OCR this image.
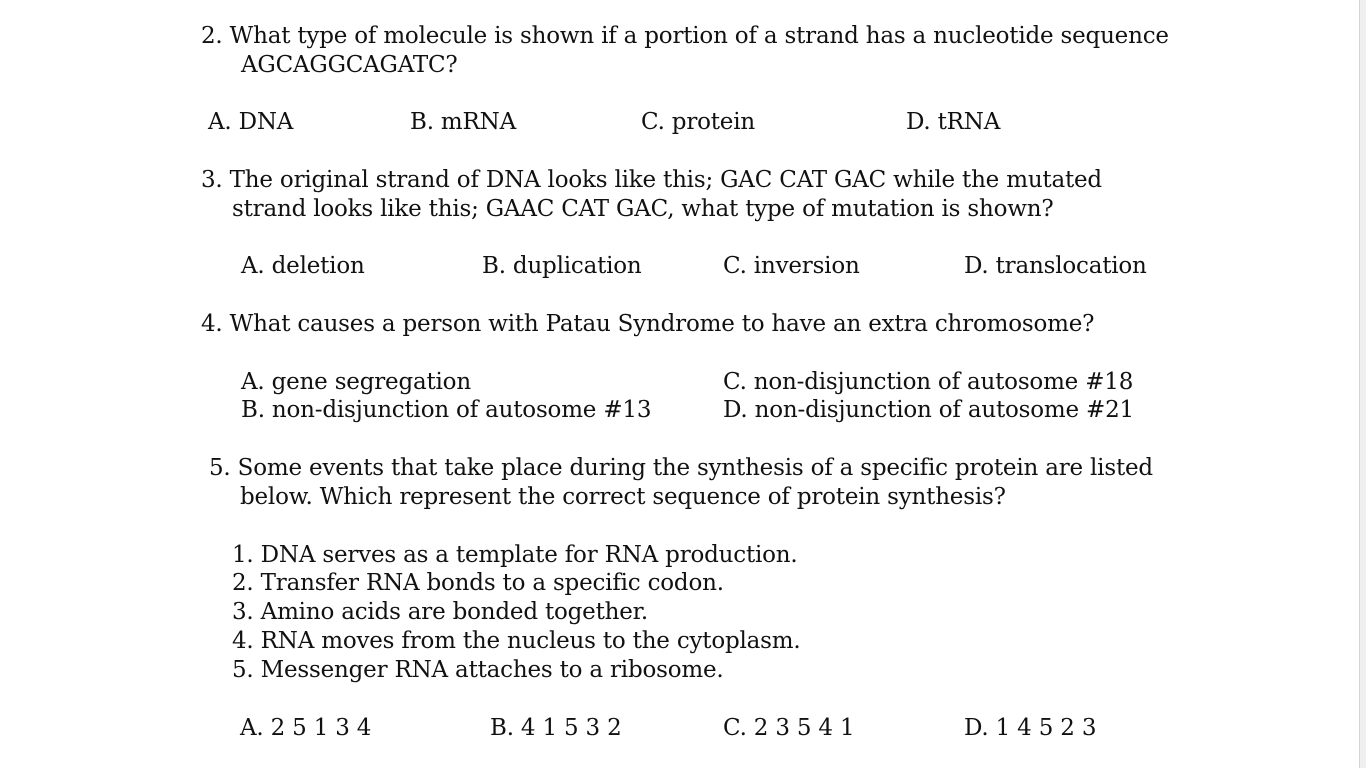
2. What type of molecule is shown if a portion of a strand has a nucleotide sequence
AGCAGGCAGATC?
A. DNA	B. mRNA	C. protein	D. tRNA
3. The original strand of DNA looks like this; GAC CAT GAC while the mutated
strand looks like this; GAAC CAT GAC, what type of mutation is shown?
A. deletion	B. duplication	C. inversion	D. translocation
4. What causes a person with Patau Syndrome to have an extra chromosome?
A. gene segregation	C. non-disjunction of autosome #18
B. non-disjunction of autosome #13	D. non-disjunction of autosome #21
5. Some events that take place during the synthesis of a specific protein are listed
below. Which represent the correct sequence of protein synthesis?
1. DNA serves as a template for RNA production.
2. Transfer RNA bonds to a specific codon.
3. Amino acids are bonded together.
4. RNA moves from the nucleus to the cytoplasm.
5. Messenger RNA attaches to a ribosome.
A. 2 5 1 3 4	B. 4 1 5 3 2	C. 2 3 5 4 1	D. 1 4 5 2 3
